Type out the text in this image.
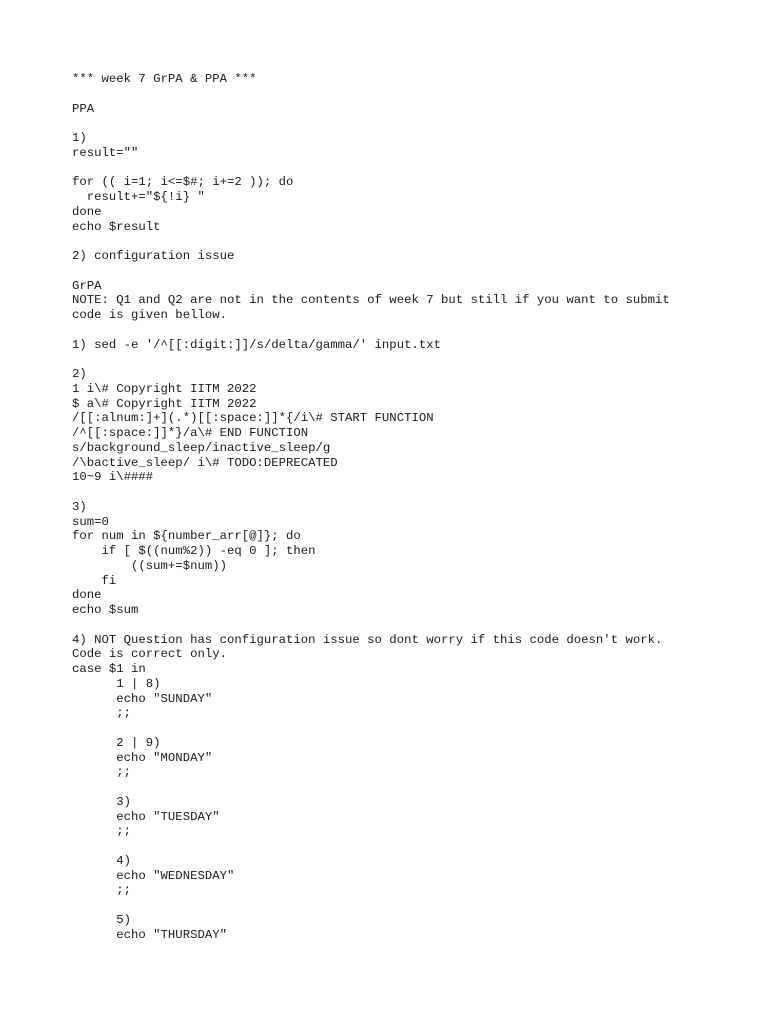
*** week 7 GrPA & PPA ***

PPA

1)
result=""

for (( i=1; i<=$#; i+=2 )); do
result+="${!i} "
done
echo $result

2) configuration issue

GrPA
NOTE: Q1 and Q2 are not in the contents of week 7 but still if you want to submit
code is given bellow.

1) sed -e '/^[[:digit:]]/s/delta/gamma/' input.txt

2)
1 i\# Copyright IITM 2022
$ a\# Copyright IITM 2022
/[[:alnum:]+](.*)[[:space:]]*{/i\# START FUNCTION
/^[[:space:]]*}/a\# END FUNCTION
s/background_sleep/inactive_sleep/g
/\bactive_sleep/ i\# TODO:DEPRECATED
10~9 i\####

3)
sum=0
for num in ${number_arr[@]}; do
if [ $((num%2)) -eq 0 ]; then
((sum+=$num))
fi
done
echo $sum

4) NOT Question has configuration issue so dont worry if this code doesn't work.
Code is correct only.
case $1 in
1 | 8)
echo "SUNDAY"
;;

2 | 9)
echo "MONDAY"
;;

3)
echo "TUESDAY"
;;

4)
echo "WEDNESDAY"
;;

5)
echo "THURSDAY"
